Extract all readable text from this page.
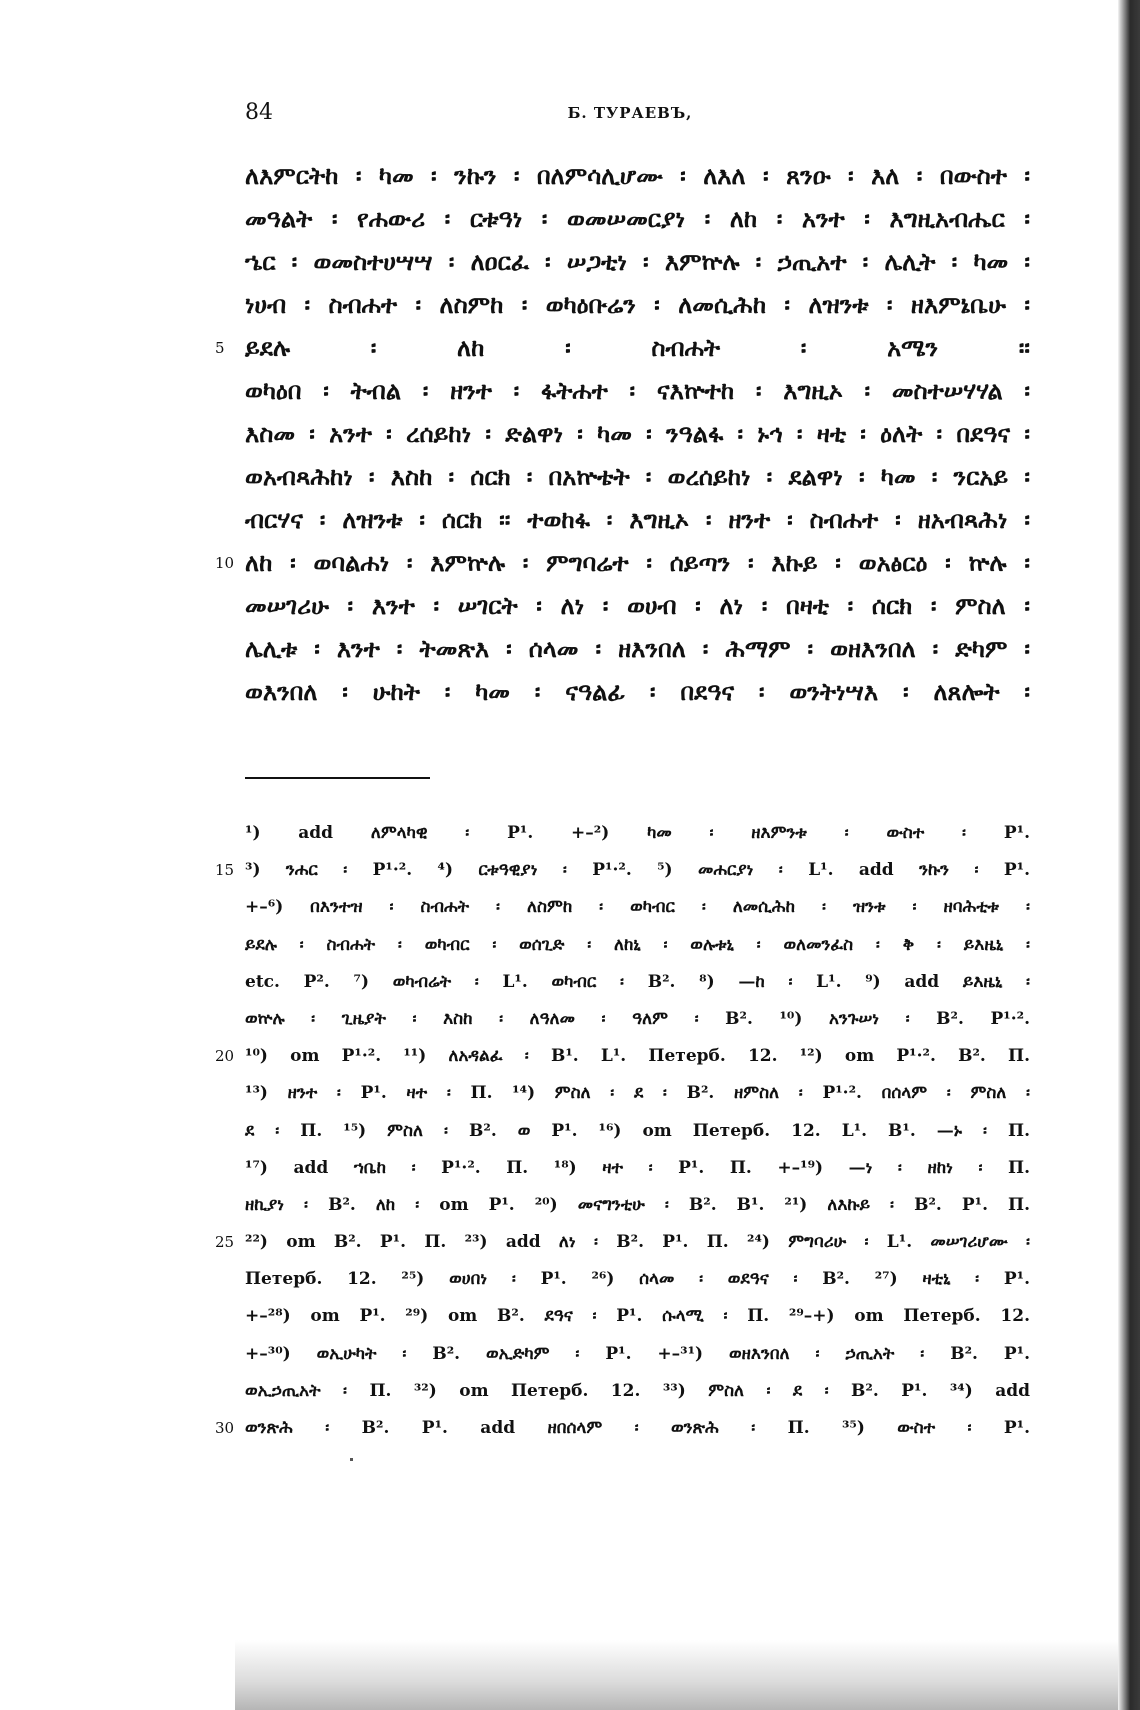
84	Б. ТУРАЕВЪ,
ለእምርትከ ፡ ካመ ፡ ንኩን ፡ በለምሳሊሆሙ ፡ ለእለ ፡ ጸንዑ ፡ እለ ፡ በውስተ ፡
መዓልት ፡ የሐውሪ ፡ ርቱዓነ ፡ ወመሠመርያነ ፡ ለከ ፡ አንተ ፡ እግዚአብሔር ፡
ኄር ፡ ወመስተሀሣሣ ፡ ለዐርፈ ፡ ሠጋቲነ ፡ እምኵሉ ፡ ኃጢአተ ፡ ሌሊት ፡ ካመ ፡
ነሀብ ፡ ስብሐተ ፡ ለስምከ ፡ ወካዕቡሬን ፡ ለመሲሕከ ፡ ለዝንቱ ፡ ዘእምኔቤሁ ፡
5 ይደሉ ፡ ለከ ፡ ስብሐት ፡ አሜን ።
ወካዕበ ፡ ትብል ፡ ዘንተ ፡ ፋትሐተ ፡ ናእኵተከ ፡ እግዚኦ ፡ መስተሠሃሃል ፡
እስመ ፡ አንተ ፡ ረሰይከነ ፡ ድልዋነ ፡ ካመ ፡ ንዓልፋ ፡ ኑኅ ፡ ዛቲ ፡ ዕለት ፡ በደዓና ፡
ወአብጻሕከነ ፡ እስከ ፡ ሰርክ ፡ በአኵቴት ፡ ወረሰይከነ ፡ ደልዋነ ፡ ካመ ፡ ንርአይ ፡
ብርሃና ፡ ለዝንቱ ፡ ሰርክ ፡፡ ተወከፋ ፡ እግዚኦ ፡ ዘንተ ፡ ስብሐተ ፡ ዘአብጻሕነ ፡
10 ለከ ፡ ወባልሐነ ፡ እምኵሉ ፡ ምግባሬተ ፡ ሰይጣን ፡ እኩይ ፡ ወአፅርዕ ፡ ኵሉ ፡
መሠገሪሁ ፡ እንተ ፡ ሠገርት ፡ ለነ ፡ ወሀብ ፡ ለነ ፡ በዛቲ ፡ ሰርክ ፡ ምስለ ፡
ሌሊቱ ፡ እንተ ፡ ትመጽእ ፡ ሰላመ ፡ ዘእንበለ ፡ ሕማም ፡ ወዘእንበለ ፡ ድካም ፡
ወእንበለ ፡ ሁከት ፡ ካመ ፡ ናዓልፊ ፡ በደዓና ፡ ወንትነሣእ ፡ ለጸሎት ፡
¹) add ለምላካዊ ፡ P¹. +–²) ካመ ፡ ዘእምንቱ ፡ ውስተ ፡ P¹.
15 ³) ንሐር ፡ P¹·². ⁴) ርቱዓዊያነ ፡ P¹·². ⁵) መሐርያነ ፡ L¹. add ንኩን ፡ P¹.
+–⁶) በእንተዝ ፡ ስብሐት ፡ ለስምከ ፡ ወካብር ፡ ለመሲሕከ ፡ ዝንቱ ፡ ዘባሕቲቱ ፡
ይደሉ ፡ ስብሐት ፡ ወካብር ፡ ወሰጊድ ፡ ለከኒ ፡ ወሉቱኒ ፡ ወለመንፈስ ፡ ቅ ፡ ይእዜኒ ፡
etc. P². ⁷) ወካብሬት ፡ L¹. ወካብር ፡ B². ⁸) —ከ ፡ L¹. ⁹) add ይእዜኒ ፡
ወኵሉ ፡ ጊዜያት ፡ እስከ ፡ ለዓለመ ፡ ዓለም ፡ B². ¹⁰) አንጉሠነ ፡ B². P¹·².
20 ¹⁰) om P¹·². ¹¹) ለአዳልፈ ፡ B¹. L¹. Петерб. 12. ¹²) om P¹·². B². П.
¹³) ዘንተ ፡ P¹. ዛተ ፡ П. ¹⁴) ምስለ ፡ ደ ፡ B². ዘምስለ ፡ P¹·². በሰላም ፡ ምስለ ፡
ደ ፡ П. ¹⁵) ምስለ ፡ B². ወ P¹. ¹⁶) om Петерб. 12. L¹. B¹. —ኑ ፡ П.
¹⁷) add ኀቤከ ፡ P¹·². П. ¹⁸) ዛተ ፡ P¹. П. +–¹⁹) —ነ ፡ ዘከነ ፡ П.
ዘኪያነ ፡ B². ለከ ፡ om P¹. ²⁰) መናግንቲሁ ፡ B². B¹. ²¹) ለእኩይ ፡ B². P¹. П.
25 ²²) om B². P¹. П. ²³) add ለነ ፡ B². P¹. П. ²⁴) ምግባሪሁ ፡ L¹. መሠገሪሆሙ ፡
Петерб. 12. ²⁵) ወሀበነ ፡ P¹. ²⁶) ሰላመ ፡ ወደዓና ፡ B². ²⁷) ዛቲኒ ፡ P¹.
+–²⁸) om P¹. ²⁹) om B². ደዓና ፡ P¹. ሱላሚ ፡ П. ²⁹–+) om Петерб. 12.
+–³⁰) ወኢሁካት ፡ B². ወኢድካም ፡ P¹. +–³¹) ወዘእንበለ ፡ ኃጢአት ፡ B². P¹.
ወኢኃጢአት ፡ П. ³²) om Петерб. 12. ³³) ምስለ ፡ ደ ፡ B². P¹. ³⁴) add
30 ወንጽሕ ፡ B². P¹. add ዘበሰላም ፡ ወንጽሕ ፡ П. ³⁵) ውስተ ፡ P¹.
